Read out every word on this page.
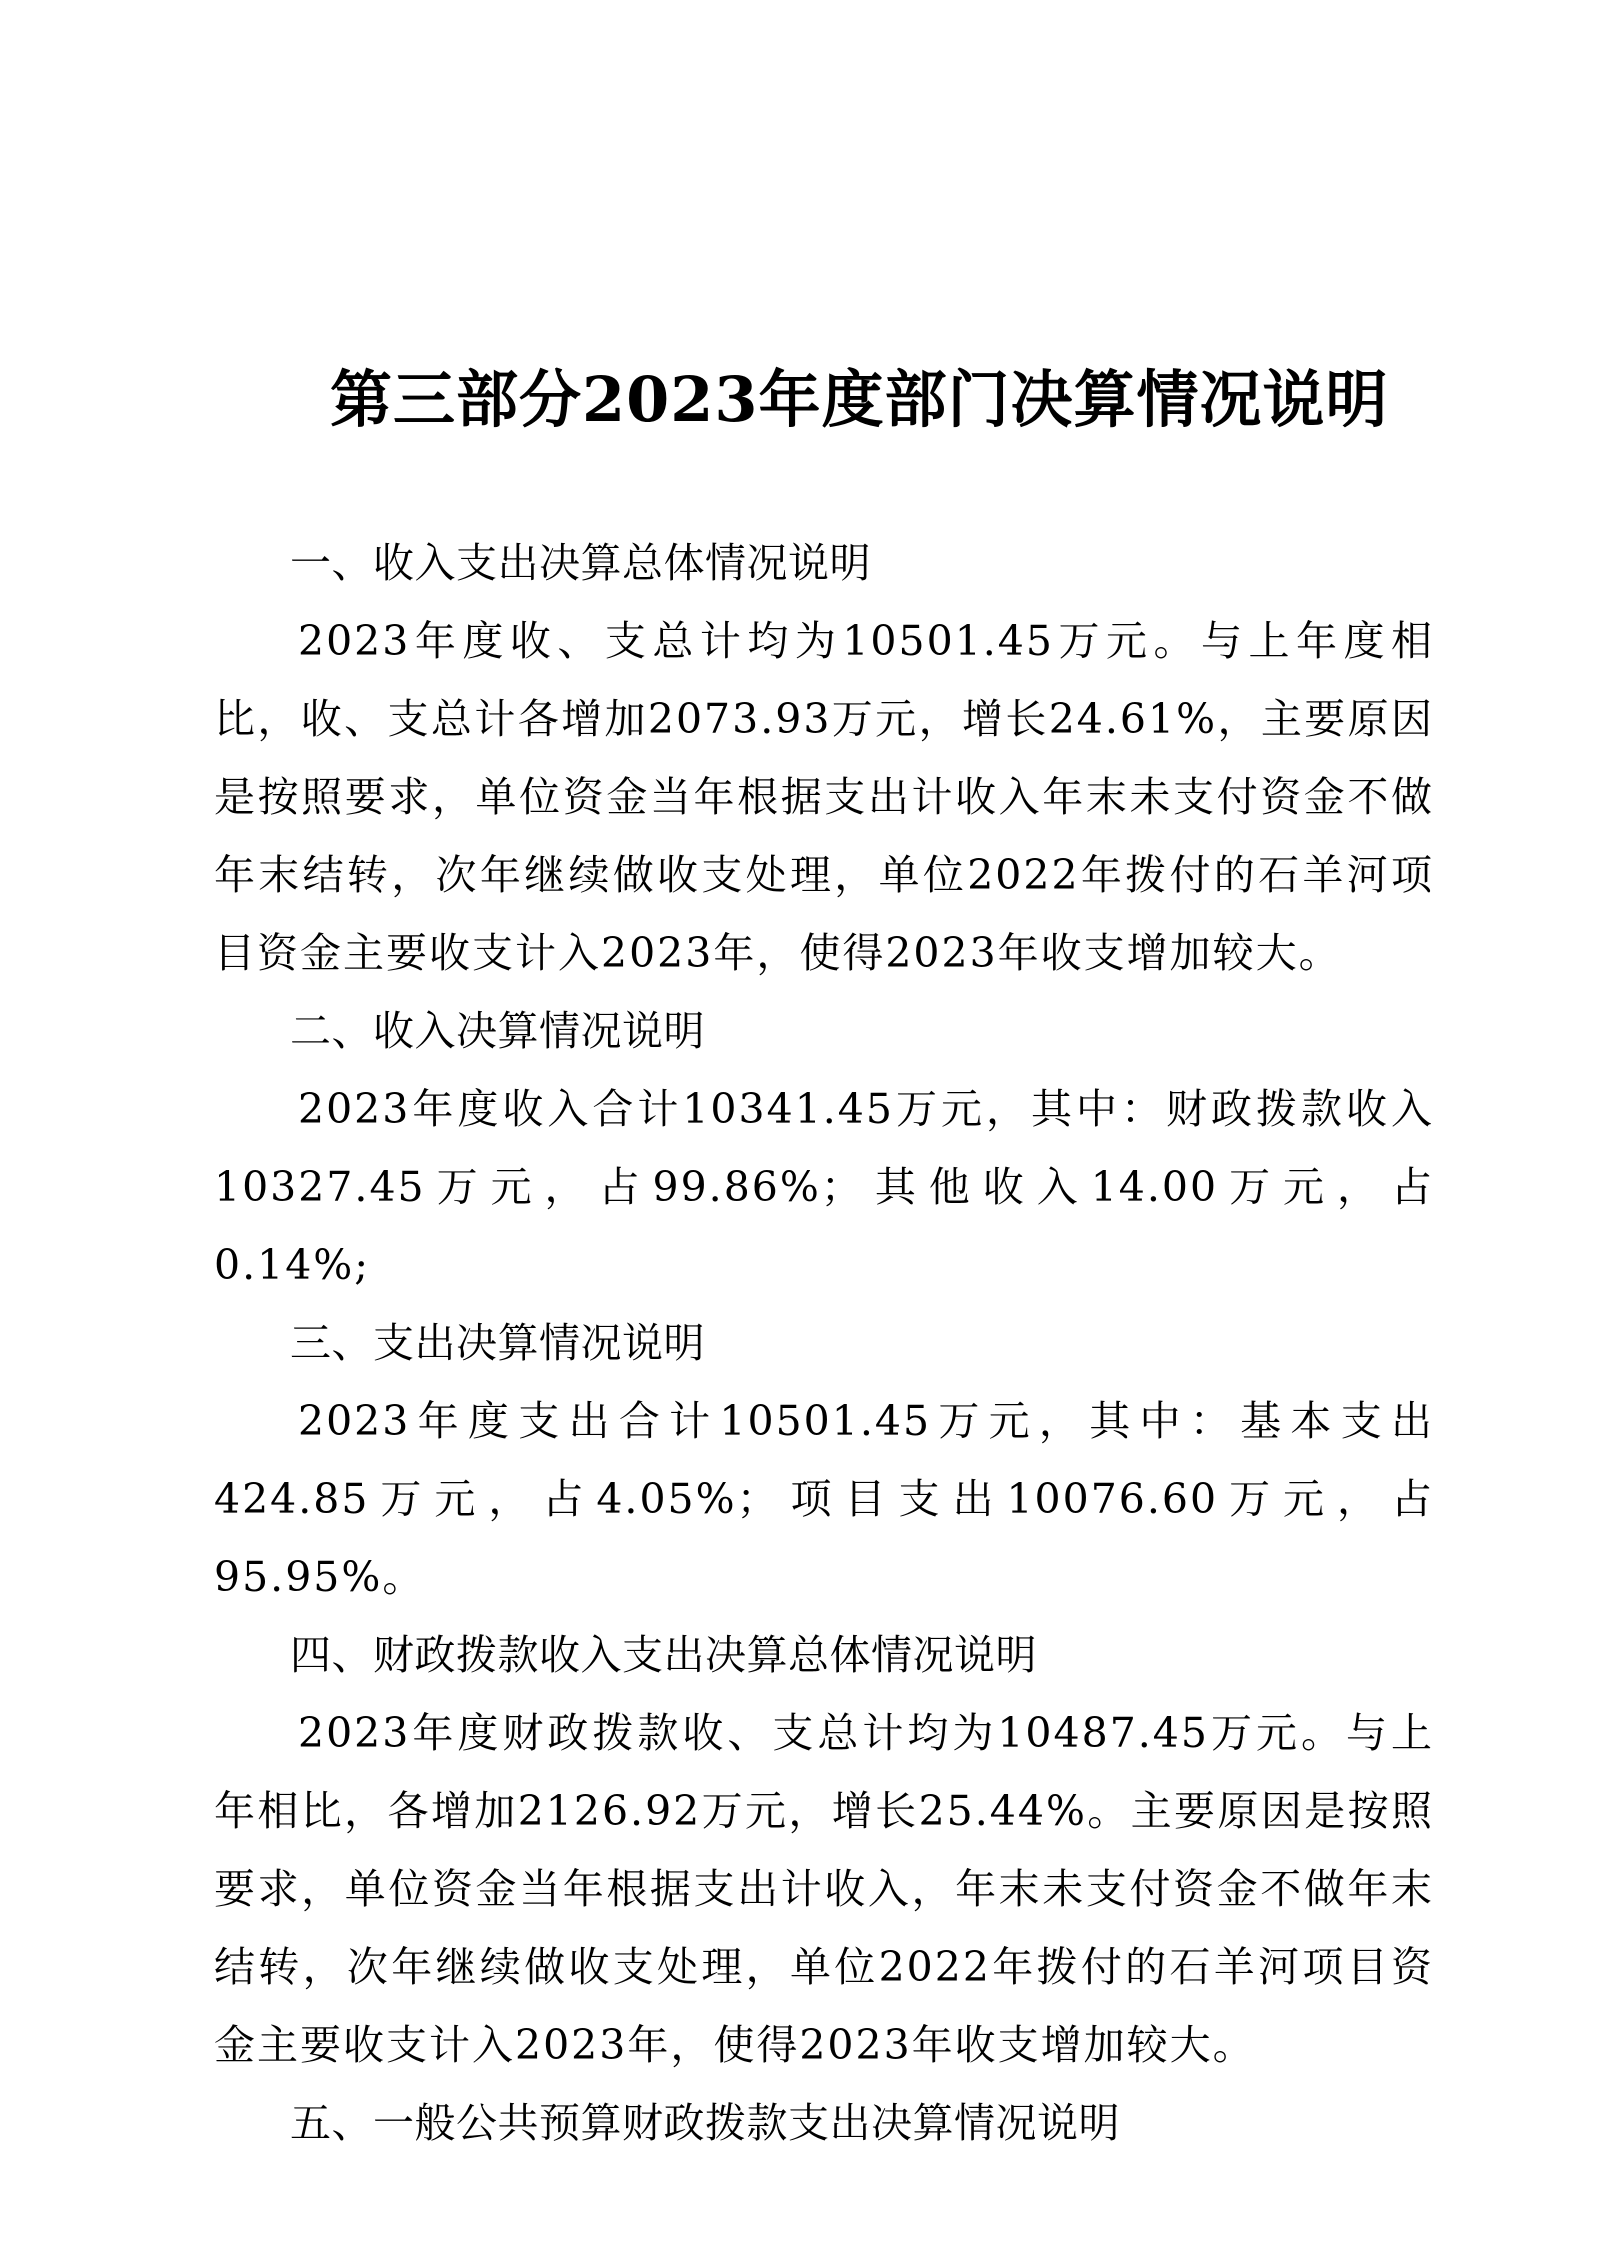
第三部分2023年度部门决算情况说明
一、收入支出决算总体情况说明

2023年度收、支总计均为10501.45万元。与上年度相比，收、支总计各增加2073.93万元，增长24.61%，主要原因是按照要求，单位资金当年根据支出计收入年末未支付资金不做年末结转，次年继续做收支处理，单位2022年拨付的石羊河项目资金主要收支计入2023年，使得2023年收支增加较大。

二、收入决算情况说明

2023年度收入合计10341.45万元，其中：财政拨款收入10327.45万元，占99.86%；其他收入14.00万元，占0.14%;

三、支出决算情况说明

2023年度支出合计10501.45万元，其中：基本支出424.85万元，占4.05%；项目支出10076.60万元，占95.95%。

四、财政拨款收入支出决算总体情况说明

2023年度财政拨款收、支总计均为10487.45万元。与上年相比，各增加2126.92万元，增长25.44%。主要原因是按照要求，单位资金当年根据支出计收入，年末未支付资金不做年末结转，次年继续做收支处理，单位2022年拨付的石羊河项目资金主要收支计入2023年，使得2023年收支增加较大。

五、一般公共预算财政拨款支出决算情况说明
